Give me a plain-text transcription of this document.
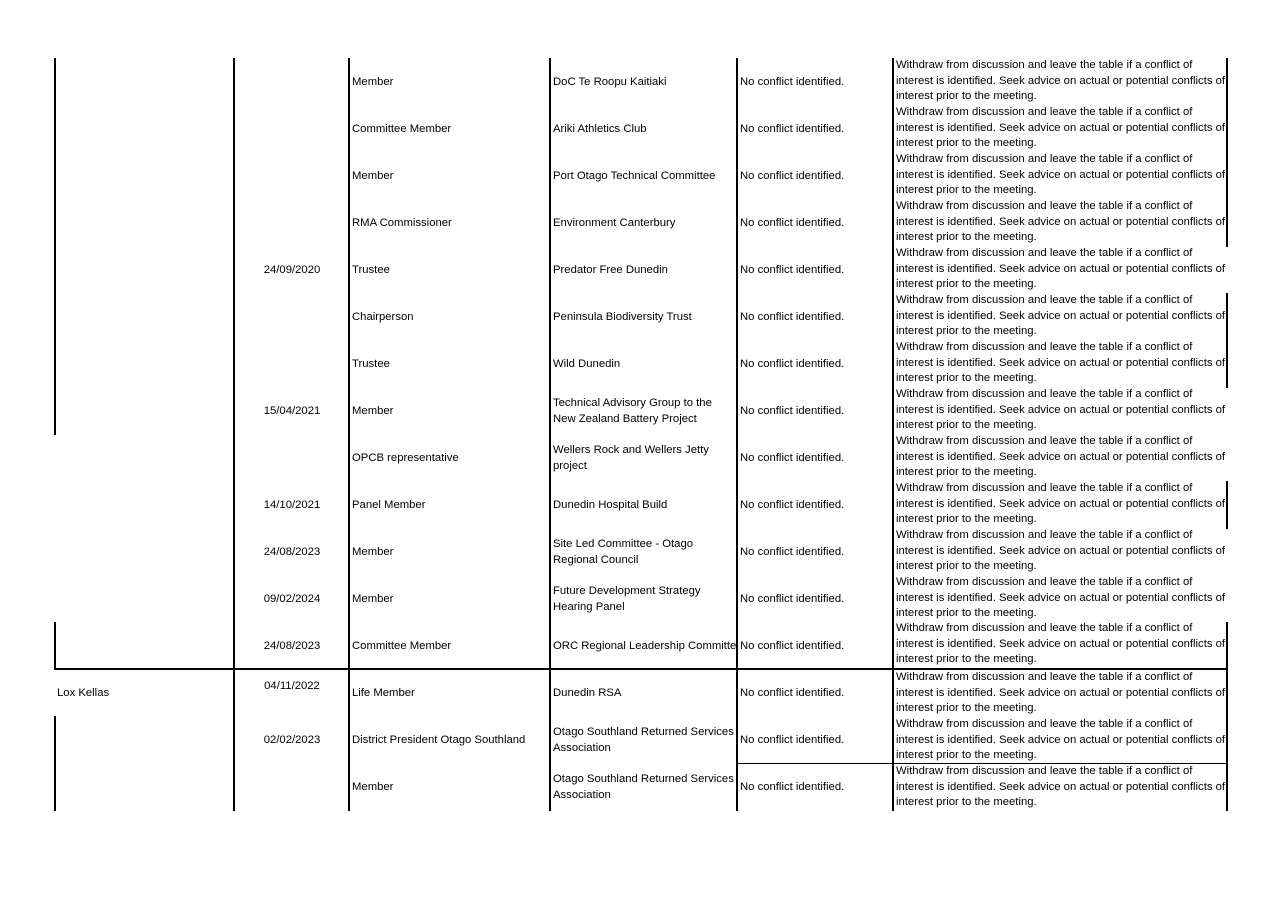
Lox Kellas
24/09/2020
15/04/2021
14/10/2021
24/08/2023
09/02/2024
24/08/2023
04/11/2022
02/02/2023
Member
Committee Member
Member
RMA Commissioner
Trustee
Chairperson
Trustee
Member
OPCB representative
Panel Member
Member
Member
Committee Member
Life Member
District President Otago Southland
Member
DoC Te Roopu Kaitiaki
Ariki Athletics Club
Port Otago Technical Committee
Environment Canterbury
Predator Free Dunedin
Peninsula Biodiversity Trust
Wild Dunedin
Technical Advisory Group to the New Zealand Battery Project
Wellers Rock and Wellers Jetty project
Dunedin Hospital Build
Site Led Committee - Otago Regional Council
Future Development Strategy Hearing Panel
ORC Regional Leadership Committe
Dunedin RSA
Otago Southland Returned Services Association
Otago Southland Returned Services Association
No conflict identified.
No conflict identified.
No conflict identified.
No conflict identified.
No conflict identified.
No conflict identified.
No conflict identified.
No conflict identified.
No conflict identified.
No conflict identified.
No conflict identified.
No conflict identified.
No conflict identified.
No conflict identified.
No conflict identified.
No conflict identified.
Withdraw from discussion and leave the table if a conflict of
interest is identified. Seek advice on actual or potential conflicts of
interest prior to the meeting.
Withdraw from discussion and leave the table if a conflict of
interest is identified. Seek advice on actual or potential conflicts of
interest prior to the meeting.
Withdraw from discussion and leave the table if a conflict of
interest is identified. Seek advice on actual or potential conflicts of
interest prior to the meeting.
Withdraw from discussion and leave the table if a conflict of
interest is identified. Seek advice on actual or potential conflicts of
interest prior to the meeting.
Withdraw from discussion and leave the table if a conflict of
interest is identified. Seek advice on actual or potential conflicts of
interest prior to the meeting.
Withdraw from discussion and leave the table if a conflict of
interest is identified. Seek advice on actual or potential conflicts of
interest prior to the meeting.
Withdraw from discussion and leave the table if a conflict of
interest is identified. Seek advice on actual or potential conflicts of
interest prior to the meeting.
Withdraw from discussion and leave the table if a conflict of
interest is identified. Seek advice on actual or potential conflicts of
interest prior to the meeting.
Withdraw from discussion and leave the table if a conflict of
interest is identified. Seek advice on actual or potential conflicts of
interest prior to the meeting.
Withdraw from discussion and leave the table if a conflict of
interest is identified. Seek advice on actual or potential conflicts of
interest prior to the meeting.
Withdraw from discussion and leave the table if a conflict of
interest is identified. Seek advice on actual or potential conflicts of
interest prior to the meeting.
Withdraw from discussion and leave the table if a conflict of
interest is identified. Seek advice on actual or potential conflicts of
interest prior to the meeting.
Withdraw from discussion and leave the table if a conflict of
interest is identified. Seek advice on actual or potential conflicts of
interest prior to the meeting.
Withdraw from discussion and leave the table if a conflict of
interest is identified. Seek advice on actual or potential conflicts of
interest prior to the meeting.
Withdraw from discussion and leave the table if a conflict of
interest is identified. Seek advice on actual or potential conflicts of
interest prior to the meeting.
Withdraw from discussion and leave the table if a conflict of
interest is identified. Seek advice on actual or potential conflicts of
interest prior to the meeting.
